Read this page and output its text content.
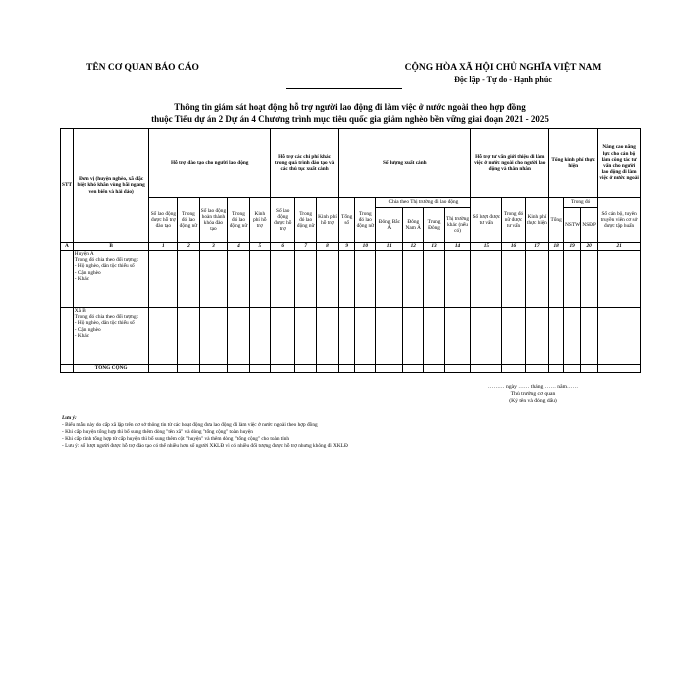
TÊN CƠ QUAN BÁO CÁO	CỘNG HÒA XÃ HỘI CHỦ NGHĨA VIỆT NAM
Độc lập - Tự do - Hạnh phúc
Thông tin giám sát hoạt động hỗ trợ người lao động đi làm việc ở nước ngoài theo hợp đồng
thuộc Tiểu dự án 2 Dự án 4 Chương trình mục tiêu quốc gia giảm nghèo bền vững giai đoạn 2021 - 2025
STT	Đơn vị (huyện nghèo, xã đặc biệt khó khăn vùng bãi ngang ven biển và hải đảo)	Hỗ trợ đào tạo cho người lao động					Hỗ trợ các chi phí khác trong quá trình đào tạo và các thủ tục xuất cảnh			Số lượng xuất cảnh						Hỗ trợ tư vấn giới thiệu đi làm việc ở nước ngoài cho người lao động và thân nhân			Tổng kinh phí thực hiện			Nâng cao năng lực cho cán bộ làm công tác tư vấn cho người lao động đi làm việc ở nước ngoài
		Số lao động được hỗ trợ đào tạo	Trong đó lao động nữ	Số lao động hoàn thành khóa đào tạo	Trong đó lao động nữ	Kinh phí hỗ trợ	Số lao động được hỗ trợ	Trong đó lao động nữ	Kinh phí hỗ trợ	Tổng số	Trong đó lao động nữ	Chia theo Thị trường đi lao động				Số lượt được tư vấn	Trong đó nữ được tư vấn	Kinh phí thực hiện	Tổng	Trong đó		Số cán bộ, tuyên truyền viên cơ sở được tập huấn
												Đông Bắc Á	Đông Nam Á	Trung Đông	Thị trường khác (nếu có)					NSTW	NSĐP	

A	B	1	2	3	4	5	6	7	8	9	10	11	12	13	14	15	16	17	18	19	20	21

	Huyện A
Trong đó chia theo đối tượng:
- Hộ nghèo, dân tộc thiểu số
- Cận nghèo
- Khác																					

	Xã B
Trong đó chia theo đối tượng:
- Hộ nghèo, dân tộc thiểu số
- Cận nghèo
- Khác																					

	TỔNG CỘNG																					
……… ngày …… tháng …… năm……
Thủ trưởng cơ quan
(Ký tên và đóng dấu)
Lưu ý:
- Biểu mẫu này do cấp xã lập trên cơ sở thông tin từ các hoạt động đưa lao động đi làm việc ở nước ngoài theo hợp đồng
- Khi cấp huyện tổng hợp thì bổ sung thêm dòng "tên xã" và dòng "tổng cộng" toàn huyện
- Khi cấp tỉnh tổng hợp từ cấp huyện thì bổ sung thêm cột "huyện" và thêm dòng "tổng cộng" cho toàn tỉnh
- Lưu ý: số lượt người được hỗ trợ đào tạo có thể nhiều hơn số người XKLĐ vì có nhiều đối tượng được hỗ trợ nhưng không đi XKLĐ
